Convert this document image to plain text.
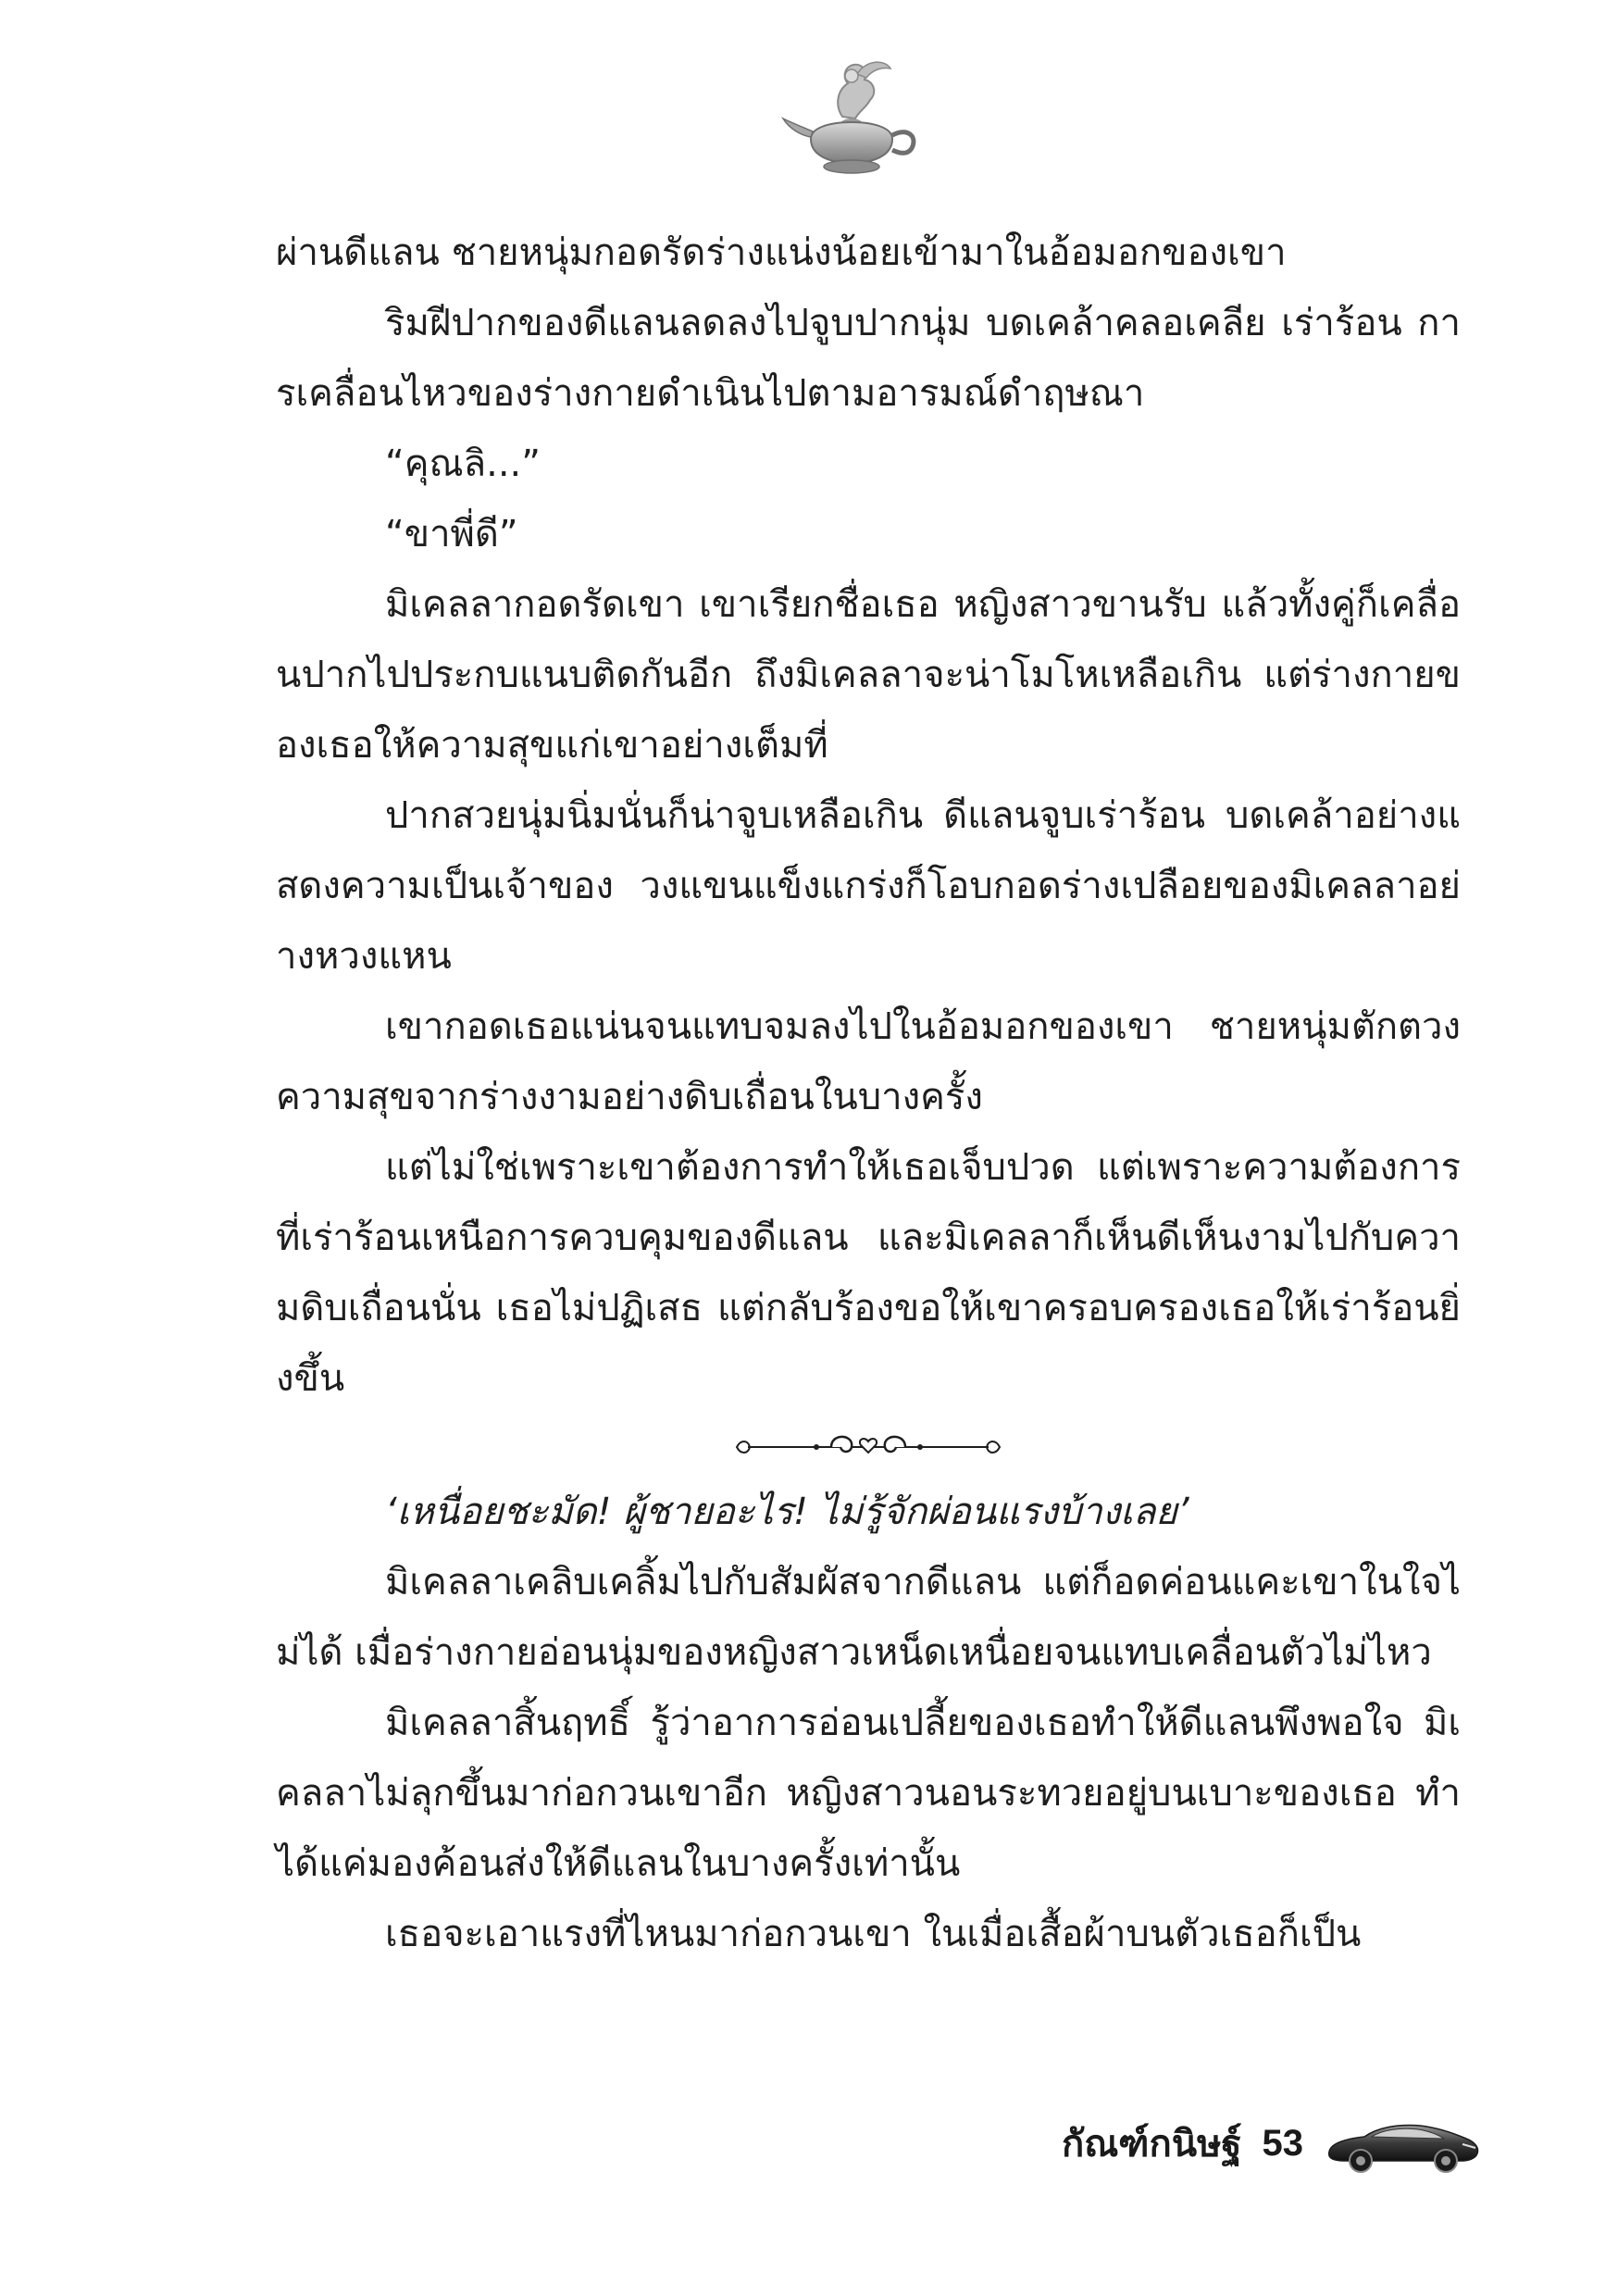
ผ่านดีแลน ชายหนุ่มกอดรัดร่างแน่งน้อยเข้ามาในอ้อมอกของเขา

ริมฝีปากของดีแลนลดลงไปจูบปากนุ่ม บดเคล้าคลอเคลีย เร่าร้อน การเคลื่อนไหวของร่างกายดำเนินไปตามอารมณ์ดำฤษณา

“คุณลิ...”

“ขาพี่ดี”

มิเคลลากอดรัดเขา เขาเรียกชื่อเธอ หญิงสาวขานรับ แล้วทั้งคู่ก็เคลื่อนปากไปประกบแนบติดกันอีก ถึงมิเคลลาจะน่าโมโหเหลือเกิน แต่ร่างกายของเธอให้ความสุขแก่เขาอย่างเต็มที่

ปากสวยนุ่มนิ่มนั่นก็น่าจูบเหลือเกิน ดีแลนจูบเร่าร้อน บดเคล้าอย่างแสดงความเป็นเจ้าของ วงแขนแข็งแกร่งก็โอบกอดร่างเปลือยของมิเคลลาอย่างหวงแหน

เขากอดเธอแน่นจนแทบจมลงไปในอ้อมอกของเขา ชายหนุ่มตักตวงความสุขจากร่างงามอย่างดิบเถื่อนในบางครั้ง

แต่ไม่ใช่เพราะเขาต้องการทำให้เธอเจ็บปวด แต่เพราะความต้องการที่เร่าร้อนเหนือการควบคุมของดีแลน และมิเคลลาก็เห็นดีเห็นงามไปกับความดิบเถื่อนนั่น เธอไม่ปฏิเสธ แต่กลับร้องขอให้เขาครอบครองเธอให้เร่าร้อนยิ่งขึ้น

‘เหนื่อยชะมัด! ผู้ชายอะไร! ไม่รู้จักผ่อนแรงบ้างเลย’

มิเคลลาเคลิบเคลิ้มไปกับสัมผัสจากดีแลน แต่ก็อดค่อนแคะเขาในใจไม่ได้ เมื่อร่างกายอ่อนนุ่มของหญิงสาวเหน็ดเหนื่อยจนแทบเคลื่อนตัวไม่ไหว

มิเคลลาสิ้นฤทธิ์ รู้ว่าอาการอ่อนเปลี้ยของเธอทำให้ดีแลนพึงพอใจ มิเคลลาไม่ลุกขึ้นมาก่อกวนเขาอีก หญิงสาวนอนระทวยอยู่บนเบาะของเธอ ทำได้แค่มองค้อนส่งให้ดีแลนในบางครั้งเท่านั้น

เธอจะเอาแรงที่ไหนมาก่อกวนเขา ในเมื่อเสื้อผ้าบนตัวเธอก็เป็น

กัณฑ์กนิษฐ์ 53
